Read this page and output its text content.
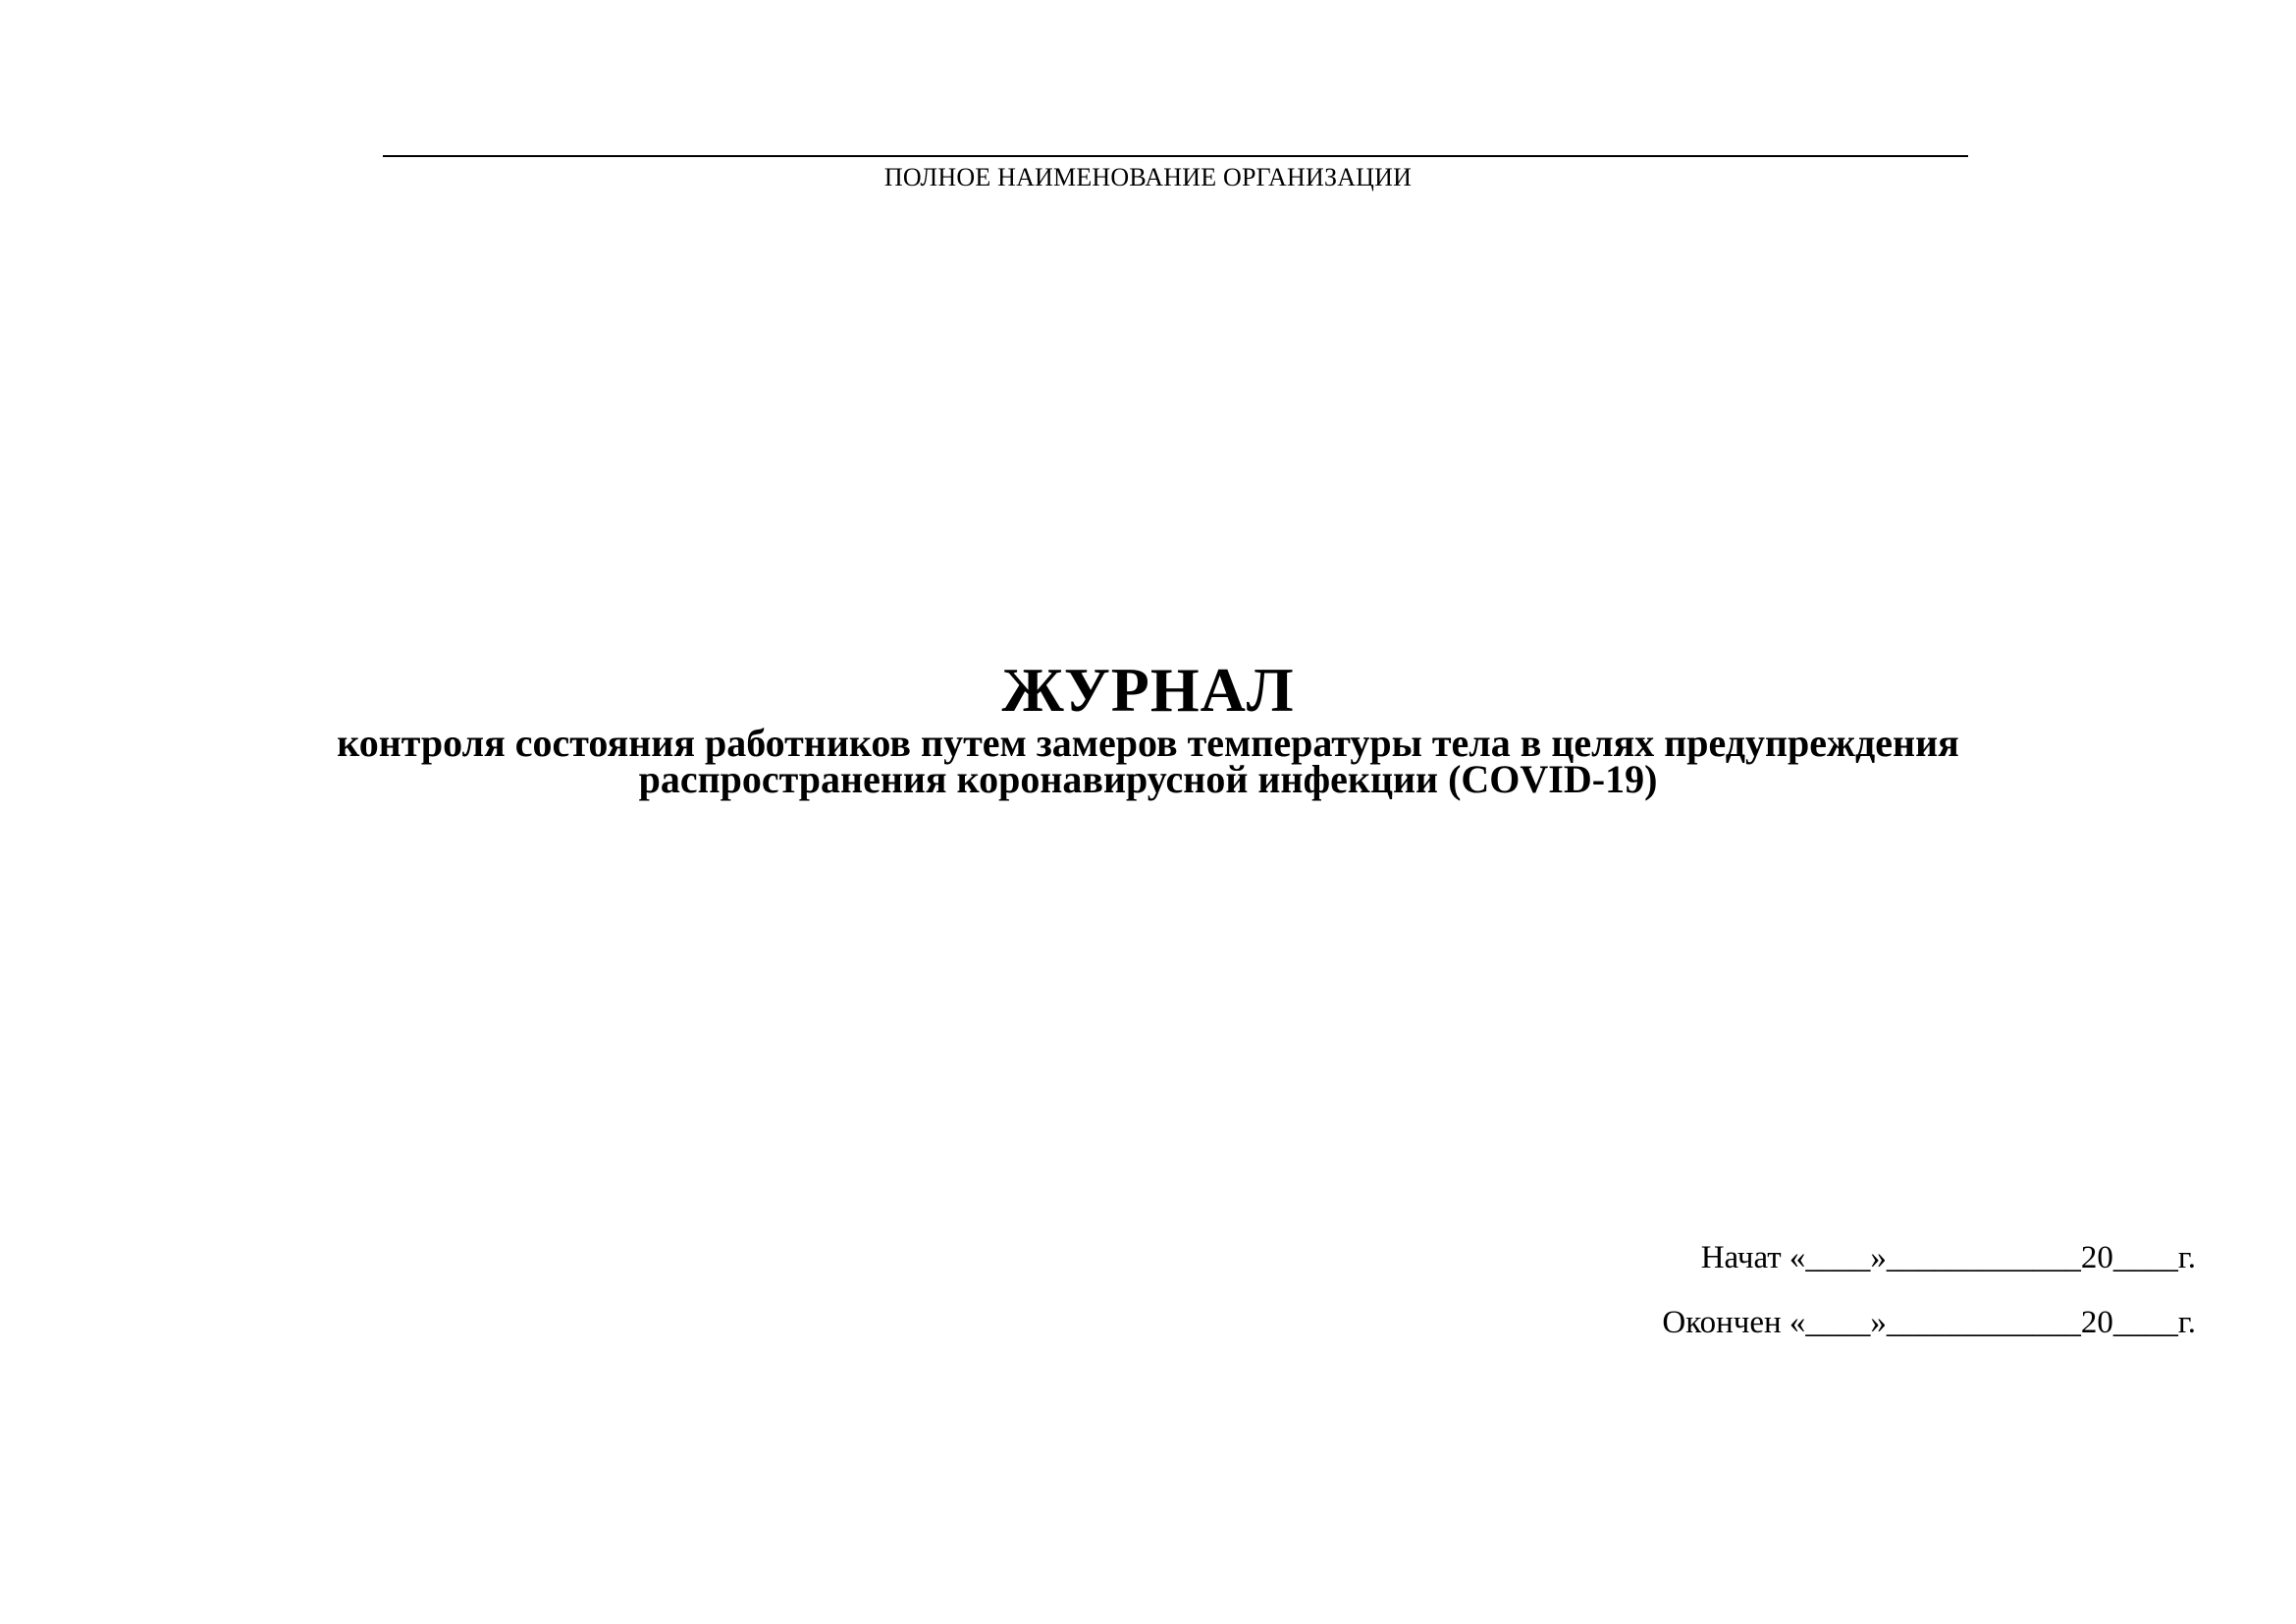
ПОЛНОЕ НАИМЕНОВАНИЕ ОРГАНИЗАЦИИ
ЖУРНАЛ
контроля состояния работников путем замеров температуры тела в целях предупреждения
распространения коронавирусной инфекции (COVID-19)
Начат «____»____________20____г.
Окончен «____»____________20____г.
